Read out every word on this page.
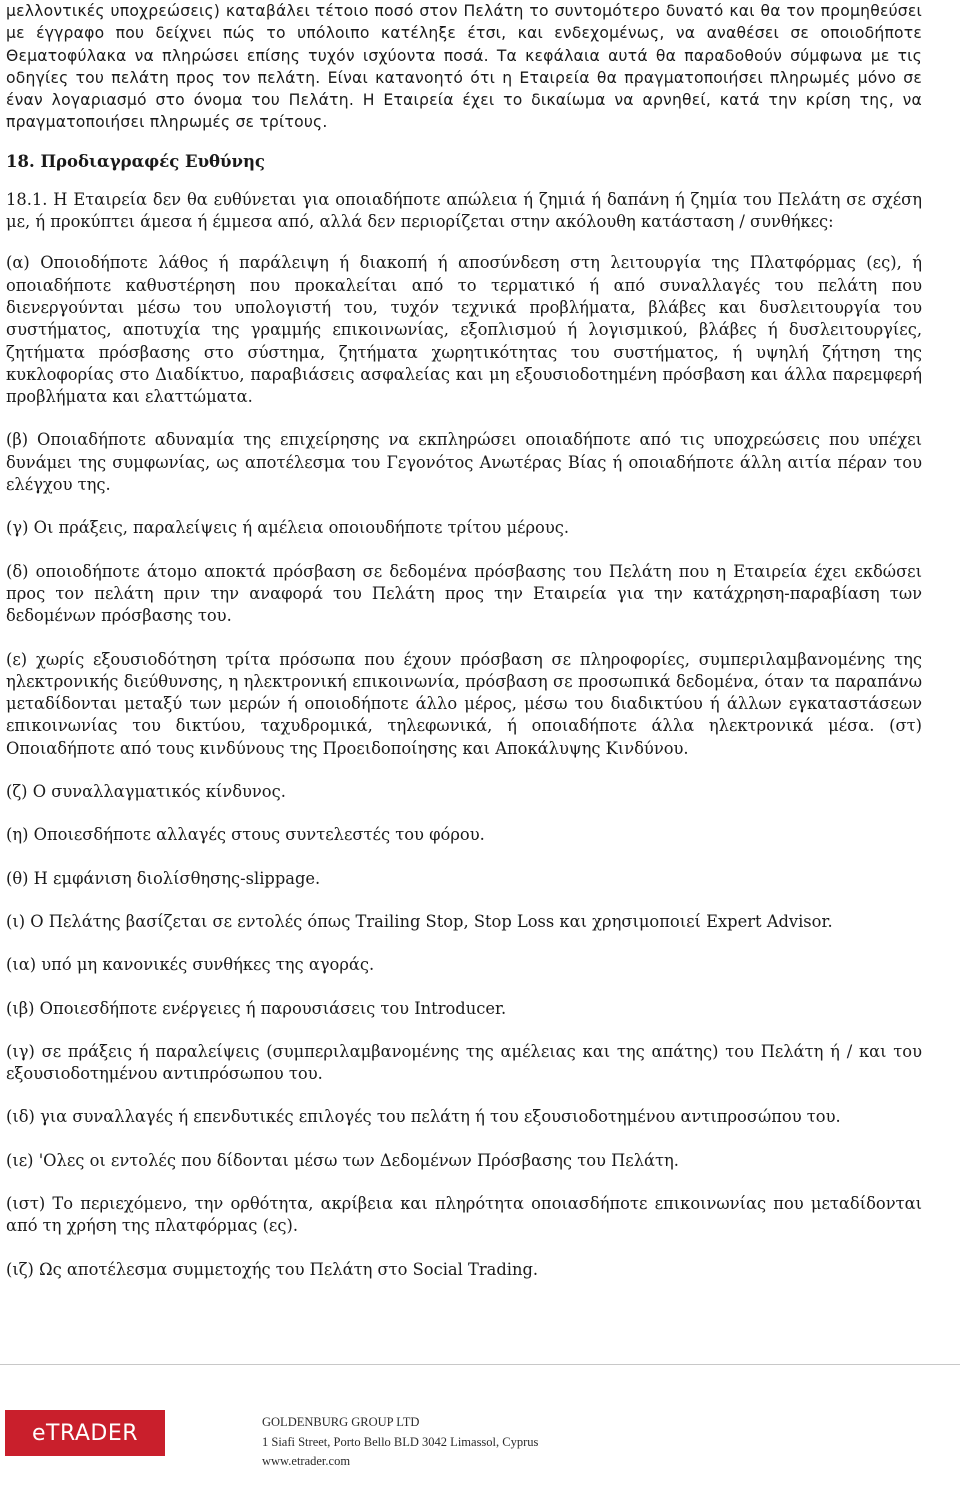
μελλοντικές υποχρεώσεις) καταβάλει τέτοιο ποσό στον Πελάτη το συντομότερο δυνατό και θα τον προμηθεύσει με έγγραφο που δείχνει πώς το υπόλοιπο κατέληξε έτσι, και ενδεχομένως, να αναθέσει σε οποιοδήποτε Θεματοφύλακα να πληρώσει επίσης τυχόν ισχύοντα ποσά. Τα κεφάλαια αυτά θα παραδοθούν σύμφωνα με τις οδηγίες του πελάτη προς τον πελάτη. Είναι κατανοητό ότι η Εταιρεία θα πραγματοποιήσει πληρωμές μόνο σε έναν λογαριασμό στο όνομα του Πελάτη. Η Εταιρεία έχει το δικαίωμα να αρνηθεί, κατά την κρίση της, να πραγματοποιήσει πληρωμές σε τρίτους.

18. Προδιαγραφές Ευθύνης

18.1. Η Εταιρεία δεν θα ευθύνεται για οποιαδήποτε απώλεια ή ζημιά ή δαπάνη ή ζημία του Πελάτη σε σχέση με, ή προκύπτει άμεσα ή έμμεσα από, αλλά δεν περιορίζεται στην ακόλουθη κατάσταση / συνθήκες:

(α) Οποιοδήποτε λάθος ή παράλειψη ή διακοπή ή αποσύνδεση στη λειτουργία της Πλατφόρμας (ες), ή οποιαδήποτε καθυστέρηση που προκαλείται από το τερματικό ή από συναλλαγές του πελάτη που διενεργούνται μέσω του υπολογιστή του, τυχόν τεχνικά προβλήματα, βλάβες και δυσλειτουργία του συστήματος, αποτυχία της γραμμής επικοινωνίας, εξοπλισμού ή λογισμικού, βλάβες ή δυσλειτουργίες, ζητήματα πρόσβασης στο σύστημα, ζητήματα χωρητικότητας του συστήματος, ή υψηλή ζήτηση της κυκλοφορίας στο Διαδίκτυο, παραβιάσεις ασφαλείας και μη εξουσιοδοτημένη πρόσβαση και άλλα παρεμφερή προβλήματα και ελαττώματα.

(β) Οποιαδήποτε αδυναμία της επιχείρησης να εκπληρώσει οποιαδήποτε από τις υποχρεώσεις που υπέχει δυνάμει της συμφωνίας, ως αποτέλεσμα του Γεγονότος Ανωτέρας Βίας ή οποιαδήποτε άλλη αιτία πέραν του ελέγχου της.

(γ) Οι πράξεις, παραλείψεις ή αμέλεια οποιουδήποτε τρίτου μέρους.

(δ) οποιοδήποτε άτομο αποκτά πρόσβαση σε δεδομένα πρόσβασης του Πελάτη που η Εταιρεία έχει εκδώσει προς τον πελάτη πριν την αναφορά του Πελάτη προς την Εταιρεία για την κατάχρηση-παραβίαση των δεδομένων πρόσβασης του.

(ε) χωρίς εξουσιοδότηση τρίτα πρόσωπα που έχουν πρόσβαση σε πληροφορίες, συμπεριλαμβανομένης της ηλεκτρονικής διεύθυνσης, η ηλεκτρονική επικοινωνία, πρόσβαση σε προσωπικά δεδομένα, όταν τα παραπάνω μεταδίδονται μεταξύ των μερών ή οποιοδήποτε άλλο μέρος, μέσω του διαδικτύου ή άλλων εγκαταστάσεων επικοινωνίας του δικτύου, ταχυδρομικά, τηλεφωνικά, ή οποιαδήποτε άλλα ηλεκτρονικά μέσα. (στ) Οποιαδήποτε από τους κινδύνους της Προειδοποίησης και Αποκάλυψης Κινδύνου.

(ζ) Ο συναλλαγματικός κίνδυνος.

(η) Οποιεσδήποτε αλλαγές στους συντελεστές του φόρου.

(θ) Η εμφάνιση διολίσθησης-slippage.

(ι) Ο Πελάτης βασίζεται σε εντολές όπως Trailing Stop, Stop Loss και χρησιμοποιεί Expert Advisor.

(ια) υπό μη κανονικές συνθήκες της αγοράς.

(ιβ) Οποιεσδήποτε ενέργειες ή παρουσιάσεις του Introducer.

(ιγ) σε πράξεις ή παραλείψεις (συμπεριλαμβανομένης της αμέλειας και της απάτης) του Πελάτη ή / και του εξουσιοδοτημένου αντιπρόσωπου του.

(ιδ) για συναλλαγές ή επενδυτικές επιλογές του πελάτη ή του εξουσιοδοτημένου αντιπροσώπου του.

(ιε) 'Ολες οι εντολές που δίδονται μέσω των Δεδομένων Πρόσβασης του Πελάτη.

(ιστ) Το περιεχόμενο, την ορθότητα, ακρίβεια και πληρότητα οποιασδήποτε επικοινωνίας που μεταδίδονται από τη χρήση της πλατφόρμας (ες).

(ιζ) Ως αποτέλεσμα συμμετοχής του Πελάτη στο Social Trading.

eTRADER	GOLDENBURG GROUP LTD
1 Siafi Street, Porto Bello BLD 3042 Limassol, Cyprus
www.etrader.com
